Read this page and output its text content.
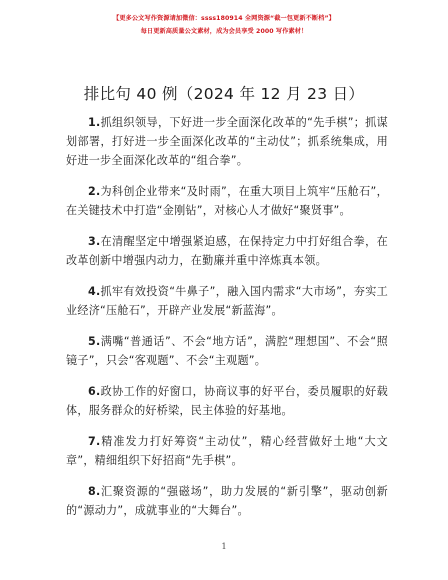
【更多公文写作资源请加微信：ssss180914 全网资源“截一包更新不断档”】
每日更新高质量公文素材，成为会员享受 2000 写作素材！
排比句 40 例（2024 年 12 月 23 日）

1.抓组织领导，下好进一步全面深化改革的“先手棋”；抓谋划部署，打好进一步全面深化改革的“主动仗”；抓系统集成，用好进一步全面深化改革的“组合拳”。

2.为科创企业带来“及时雨”，在重大项目上筑牢“压舱石”，在关键技术中打造“金刚钻”，对核心人才做好“聚贤事”。

3.在清醒坚定中增强紧迫感，在保持定力中打好组合拳，在改革创新中增强内动力，在勤廉并重中淬炼真本领。

4.抓牢有效投资“牛鼻子”，融入国内需求“大市场”，夯实工业经济“压舱石”，开辟产业发展“新蓝海”。

5.满嘴“普通话”、不会“地方话”，满腔“理想国”、不会“照镜子”，只会“客观题”、不会“主观题”。

6.政协工作的好窗口，协商议事的好平台，委员履职的好载体，服务群众的好桥梁，民主体验的好基地。

7.精准发力打好筹资“主动仗”，精心经营做好土地“大文章”，精细组织下好招商“先手棋”。

8.汇聚资源的“强磁场”，助力发展的“新引擎”，驱动创新的“源动力”，成就事业的“大舞台”。

1
